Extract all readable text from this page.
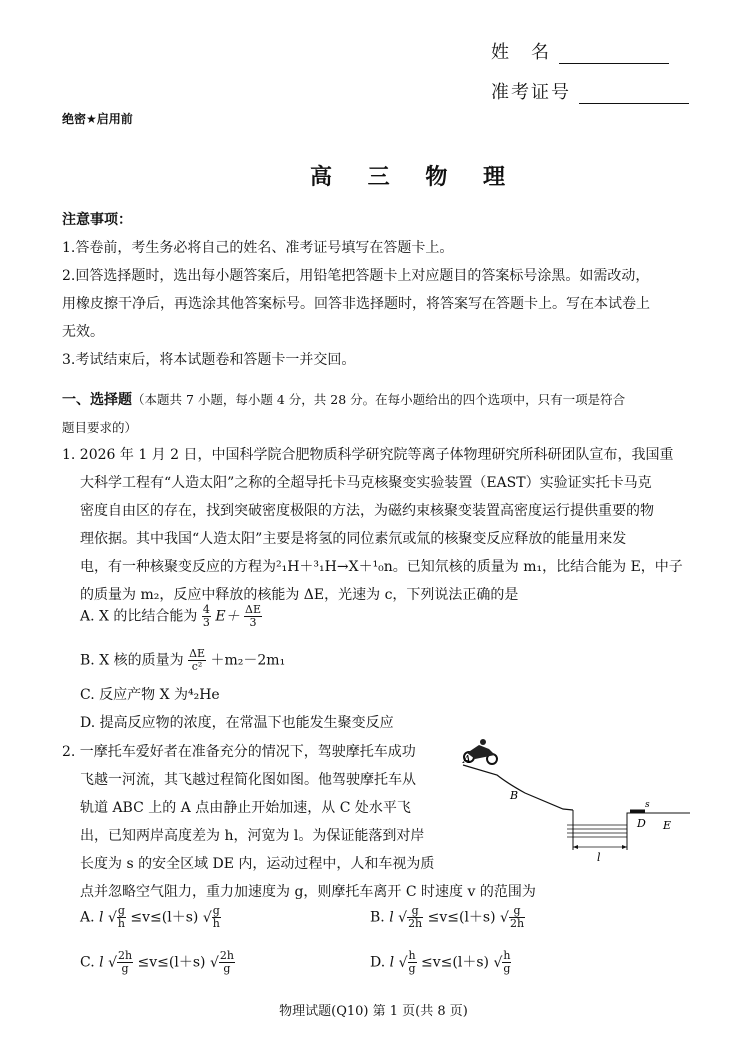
姓　名
准考证号
绝密★启用前
高 三 物 理
注意事项：
1.答卷前，考生务必将自己的姓名、准考证号填写在答题卡上。
2.回答选择题时，选出每小题答案后，用铅笔把答题卡上对应题目的答案标号涂黑。如需改动，
用橡皮擦干净后，再选涂其他答案标号。回答非选择题时，将答案写在答题卡上。写在本试卷上
无效。
3.考试结束后，将本试题卷和答题卡一并交回。
一、选择题（本题共 7 小题，每小题 4 分，共 28 分。在每小题给出的四个选项中，只有一项是符合
题目要求的）
1. 2026 年 1 月 2 日，中国科学院合肥物质科学研究院等离子体物理研究所科研团队宣布，我国重
大科学工程有“人造太阳”之称的全超导托卡马克核聚变实验装置（EAST）实验证实托卡马克
密度自由区的存在，找到突破密度极限的方法，为磁约束核聚变装置高密度运行提供重要的物
理依据。其中我国“人造太阳”主要是将氢的同位素氘或氚的核聚变反应释放的能量用来发
电，有一种核聚变反应的方程为²₁H＋³₁H→X＋¹₀n。已知氘核的质量为 m₁，比结合能为 E，中子
的质量为 m₂，反应中释放的核能为 ΔE，光速为 c，下列说法正确的是
A. X 的比结合能为 $\frac{4}{3} E+ \frac{\Delta E}{3}$
B. X 核的质量为 $\frac{\Delta E}{\text{c²}} +m_2-2m_1$
C. 反应产物 X 为⁴₂He
D. 提高反应物的浓度，在常温下也能发生聚变反应
2. 一摩托车爱好者在准备充分的情况下，驾驶摩托车成功
飞越一河流，其飞越过程简化图如图。他驾驶摩托车从
轨道 ABC 上的 A 点由静止开始加速，从 C 处水平飞
出，已知两岸高度差为 h，河宽为 l。为保证能落到对岸
长度为 s 的安全区域 DE 内，运动过程中，人和车视为质
点并忽略空气阻力，重力加速度为 g，则摩托车离开 C 时速度 v 的范围为
A
B
D E
s
l
A. l √ $\frac{g}{h} \le v\le(l+s)$ √ $\frac{g}{h}$	B. l √ $\frac{g}{2h} \le v\le(l+s)$ √ $\frac{g}{2h}$
C. l √ $\frac{2h}{g} \le v\le(l+s)$ √ $\frac{2h}{g}$	D. l √ $\frac{h}{g} \le v\le(l+s)$ √ $\frac{h}{g}$
物理试题(Q10) 第 1 页(共 8 页)
